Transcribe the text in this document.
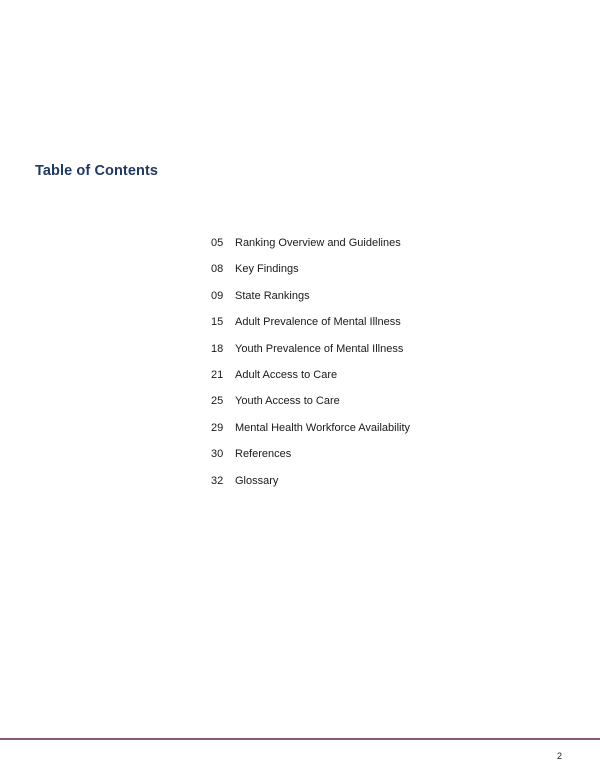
Table of Contents
05	Ranking Overview and Guidelines
08	Key Findings
09	State Rankings
15	Adult Prevalence of Mental Illness
18	Youth Prevalence of Mental Illness
21	Adult Access to Care
25	Youth Access to Care
29	Mental Health Workforce Availability
30	References
32	Glossary
2
